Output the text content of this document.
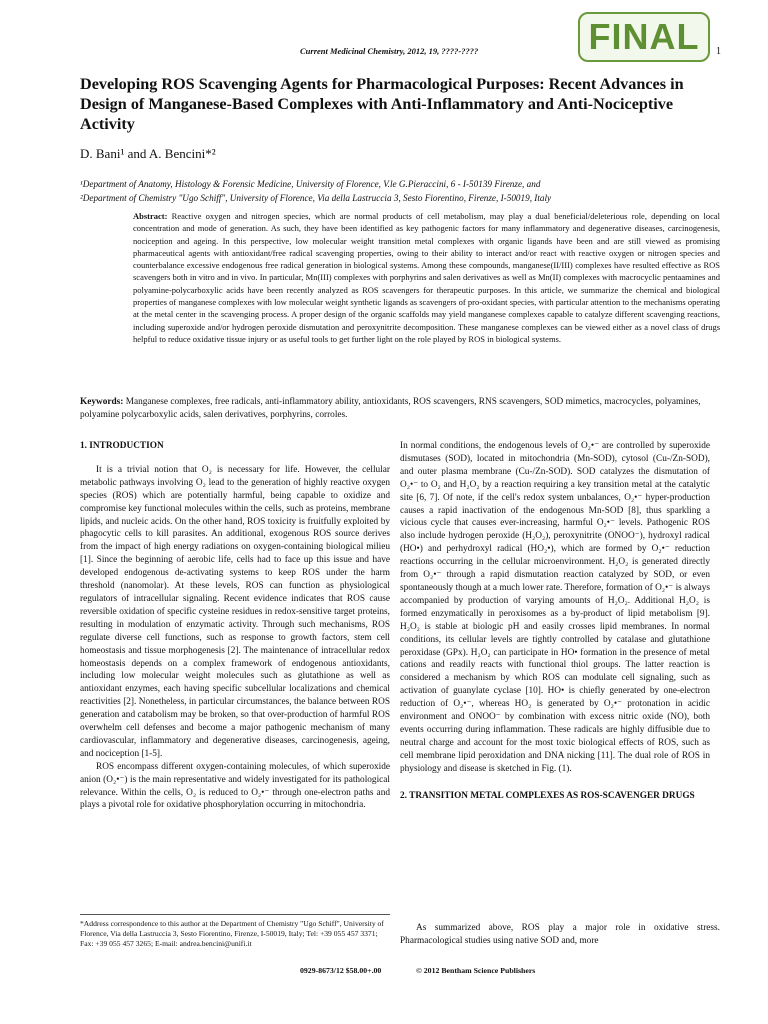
Current Medicinal Chemistry, 2012, 19, ????-????	1
FINAL
Developing ROS Scavenging Agents for Pharmacological Purposes: Recent Advances in Design of Manganese-Based Complexes with Anti-Inflammatory and Anti-Nociceptive Activity
D. Bani¹ and A. Bencini*²
¹Department of Anatomy, Histology & Forensic Medicine, University of Florence, V.le G.Pieraccini, 6 - I-50139 Firenze, and
²Department of Chemistry "Ugo Schiff", University of Florence, Via della Lastruccia 3, Sesto Fiorentino, Firenze, I-50019, Italy

Abstract: Reactive oxygen and nitrogen species, which are normal products of cell metabolism, may play a dual beneficial/deleterious role, depending on local concentration and mode of generation. As such, they have been identified as key pathogenic factors for many inflammatory and degenerative diseases, carcinogenesis, nociception and ageing. In this perspective, low molecular weight transition metal complexes with organic ligands have been and are still viewed as promising pharmaceutical agents with antioxidant/free radical scavenging properties, owing to their ability to interact and/or react with reactive oxygen or nitrogen species and counterbalance excessive endogenous free radical generation in biological systems. Among these compounds, manganese(II/III) complexes have resulted effective as ROS scavengers both in vitro and in vivo. In particular, Mn(III) complexes with porphyrins and salen derivatives as well as Mn(II) complexes with macrocyclic pentaamines and polyamine-polycarboxylic acids have been recently analyzed as ROS scavengers for therapeutic purposes. In this article, we summarize the chemical and biological properties of manganese complexes with low molecular weight synthetic ligands as scavengers of pro-oxidant species, with particular attention to the mechanisms operating at the metal center in the scavenging process. A proper design of the organic scaffolds may yield manganese complexes capable to catalyze different scavenging reactions, including superoxide and/or hydrogen peroxide dismutation and peroxynitrite decomposition. These manganese complexes can be viewed either as a novel class of drugs helpful to reduce oxidative tissue injury or as useful tools to get further light on the role played by ROS in biological systems.

Keywords: Manganese complexes, free radicals, anti-inflammatory ability, antioxidants, ROS scavengers, RNS scavengers, SOD mimetics, macrocycles, polyamines, polyamine polycarboxylic acids, salen derivatives, porphyrins, corroles.

1. INTRODUCTION

It is a trivial notion that O₂ is necessary for life. However, the cellular metabolic pathways involving O₂ lead to the generation of highly reactive oxygen species (ROS) which are potentially harmful, being capable to oxidize and compromise key functional molecules within the cells, such as proteins, membrane lipids, and nucleic acids. On the other hand, ROS toxicity is fruitfully exploited by phagocytic cells to kill parasites. An additional, exogenous ROS source derives from the impact of high energy radiations on oxygen-containing biological milieu [1]. Since the beginning of aerobic life, cells had to face up this issue and have developed endogenous de-activating systems to keep ROS under the harm threshold (nanomolar). At these levels, ROS can function as physiological regulators of intracellular signaling. Recent evidence indicates that ROS cause reversible oxidation of specific cysteine residues in redox-sensitive target proteins, resulting in modulation of enzymatic activity. Through such mechanisms, ROS regulate diverse cell functions, such as response to growth factors, stem cell homeostasis and tissue morphogenesis [2]. The maintenance of intracellular redox homeostasis depends on a complex framework of endogenous antioxidants, including low molecular weight molecules such as glutathione as well as antioxidant enzymes, each having specific subcellular localizations and chemical reactivities [2]. Nonetheless, in particular circumstances, the balance between ROS generation and catabolism may be broken, so that over-production of harmful ROS overwhelm cell defenses and become a major pathogenic mechanism of many cardiovascular, inflammatory and degenerative diseases, carcinogenesis, ageing, and nociception [1-5].

ROS encompass different oxygen-containing molecules, of which superoxide anion (O₂•⁻) is the main representative and widely investigated for its pathological relevance. Within the cells, O₂ is reduced to O₂•⁻ through one-electron paths and plays a pivotal role for oxidative phosphorylation occurring in mitochondria.

In normal conditions, the endogenous levels of O₂•⁻ are controlled by superoxide dismutases (SOD), located in mitochondria (Mn-SOD), cytosol (Cu-/Zn-SOD), and outer plasma membrane (Cu-/Zn-SOD). SOD catalyzes the dismutation of O₂•⁻ to O₂ and H₂O₂ by a reaction requiring a key transition metal at the catalytic site [6, 7]. Of note, if the cell's redox system unbalances, O₂•⁻ hyper-production causes a rapid inactivation of the endogenous Mn-SOD [8], thus sparkling a vicious cycle that causes ever-increasing, harmful O₂•⁻ levels. Pathogenic ROS also include hydrogen peroxide (H₂O₂), peroxynitrite (ONOO⁻), hydroxyl radical (HO•) and perhydroxyl radical (HO₂•), which are formed by O₂•⁻ reduction reactions occurring in the cellular microenvironment. H₂O₂ is generated directly from O₂•⁻ through a rapid dismutation reaction catalyzed by SOD, or even spontaneously though at a much lower rate. Therefore, formation of O₂•⁻ is always accompanied by production of varying amounts of H₂O₂. Additional H₂O₂ is formed enzymatically in peroxisomes as a by-product of lipid metabolism [9]. H₂O₂ is stable at biologic pH and easily crosses lipid membranes. In normal conditions, its cellular levels are tightly controlled by catalase and glutathione peroxidase (GPx). H₂O₂ can participate in HO• formation in the presence of metal cations and readily reacts with functional thiol groups. The latter reaction is considered a mechanism by which ROS can modulate cell signaling, such as activation of guanylate cyclase [10]. HO• is chiefly generated by one-electron reduction of O₂•⁻, whereas HO₂ is generated by O₂•⁻ protonation in acidic environment and ONOO⁻ by combination with excess nitric oxide (NO), both events occurring during inflammation. These radicals are highly diffusible due to neutral charge and account for the most toxic biological effects of ROS, such as cell membrane lipid peroxidation and DNA nicking [11]. The dual role of ROS in physiology and disease is sketched in Fig. (1).

2. TRANSITION METAL COMPLEXES AS ROS-SCAVENGER DRUGS

As summarized above, ROS play a major role in oxidative stress. Pharmacological studies using native SOD and, more

*Address correspondence to this author at the Department of Chemistry "Ugo Schiff", University of Florence, Via della Lastruccia 3, Sesto Fiorentino, Firenze, I-50019, Italy; Tel: +39 055 457 3371; Fax: +39 055 457 3265; E-mail: andrea.bencini@unifi.it

0929-8673/12 $58.00+.00	© 2012 Bentham Science Publishers
